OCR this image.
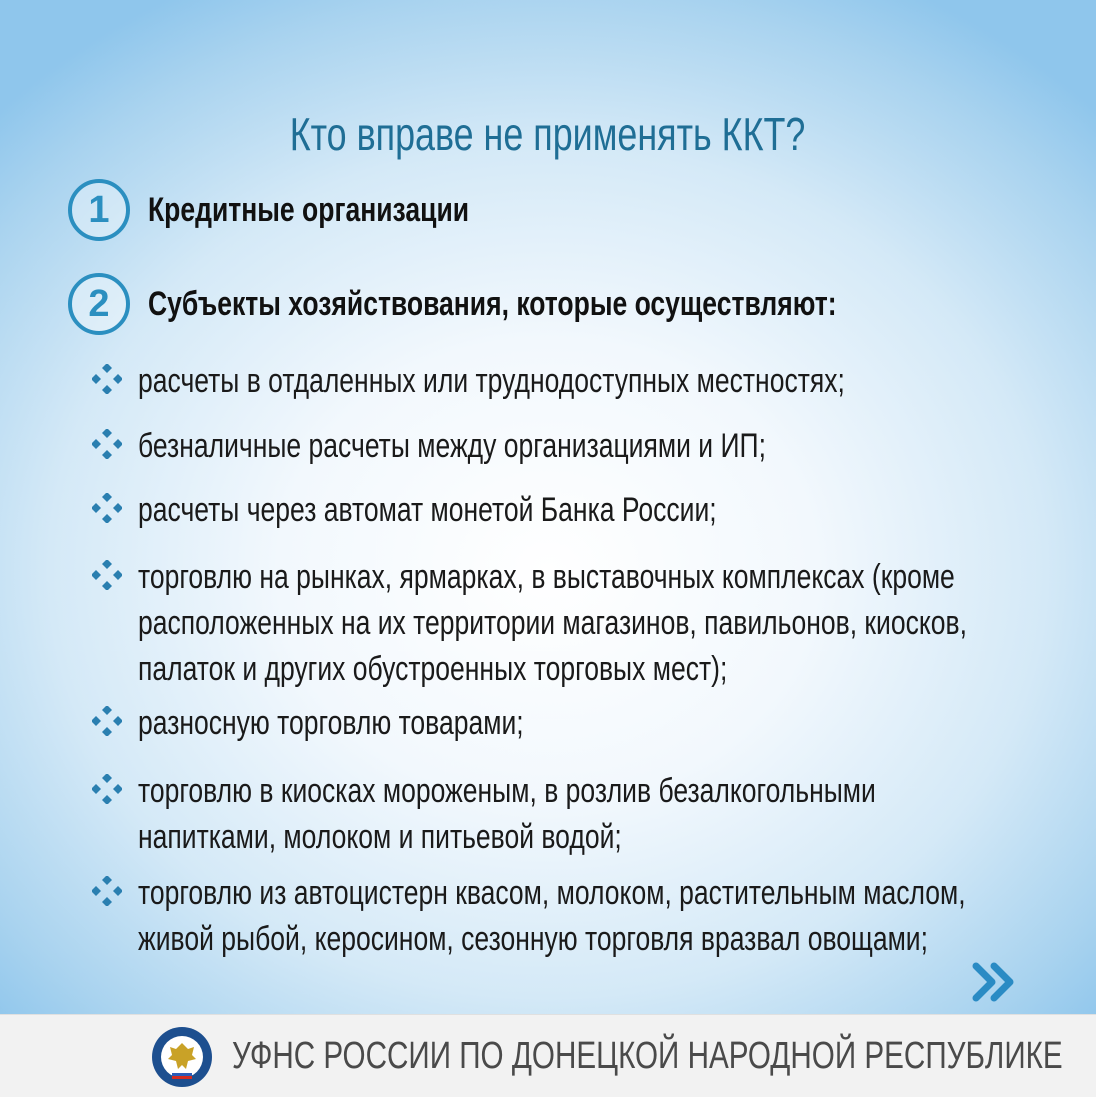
Кто вправе не применять ККТ?
1	Кредитные организации
2	Субъекты хозяйствования, которые осуществляют:
расчеты в отдаленных или труднодоступных местностях;
безналичные расчеты между организациями и ИП;
расчеты через автомат монетой Банка России;
торговлю на рынках, ярмарках, в выставочных комплексах (кроме
расположенных на их территории магазинов, павильонов, киосков,
палаток и других обустроенных торговых мест);
разносную торговлю товарами;
торговлю в киосках мороженым, в розлив безалкогольными
напитками, молоком и питьевой водой;
торговлю из автоцистерн квасом, молоком, растительным маслом,
живой рыбой, керосином, сезонную торговля вразвал овощами;
УФНС РОССИИ ПО ДОНЕЦКОЙ НАРОДНОЙ РЕСПУБЛИКЕ
